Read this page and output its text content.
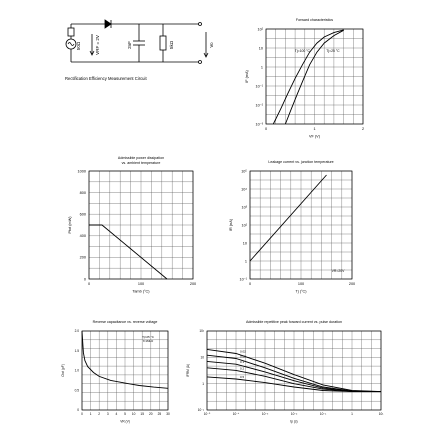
50Ω	VRF = 2V	2nF	5kΩ	Vo
Rectification Efficiency Measurement Circuit
0	1	2
10²
10
1
10⁻¹
10⁻²
10⁻³
Forward characteristics
VF (V)
IF (mA)
Tj=100 °C	Tj=25 °C
0	100	200
1000
800
600
400
200
0
Admissible power dissipation
vs. ambient temperature
Tamb (°C)
Ptot (mW)
0	100	200
10⁵
10⁴
10³
10²
10
1
10⁻¹
Leakage current vs. junction temperature
Tj (°C)
IR (nA)
VR=20V
0 1 2 3 4 5 10 15 20 25 30
2.0
1.5
1.0
0.5
0
Reverse capacitance vs. reverse voltage
VR (V)
Ctot (pF)
Tj=25 °C
f=1MHz
10⁻⁵	10⁻⁴	10⁻³	10⁻²	10⁻¹	1	10¹
10²
10
1
10⁻¹
Admissible repetitive peak forward current vs. pulse duration
tp (s)
IFRM (A)
0.02
0.05
0.1
0.2
0.5
